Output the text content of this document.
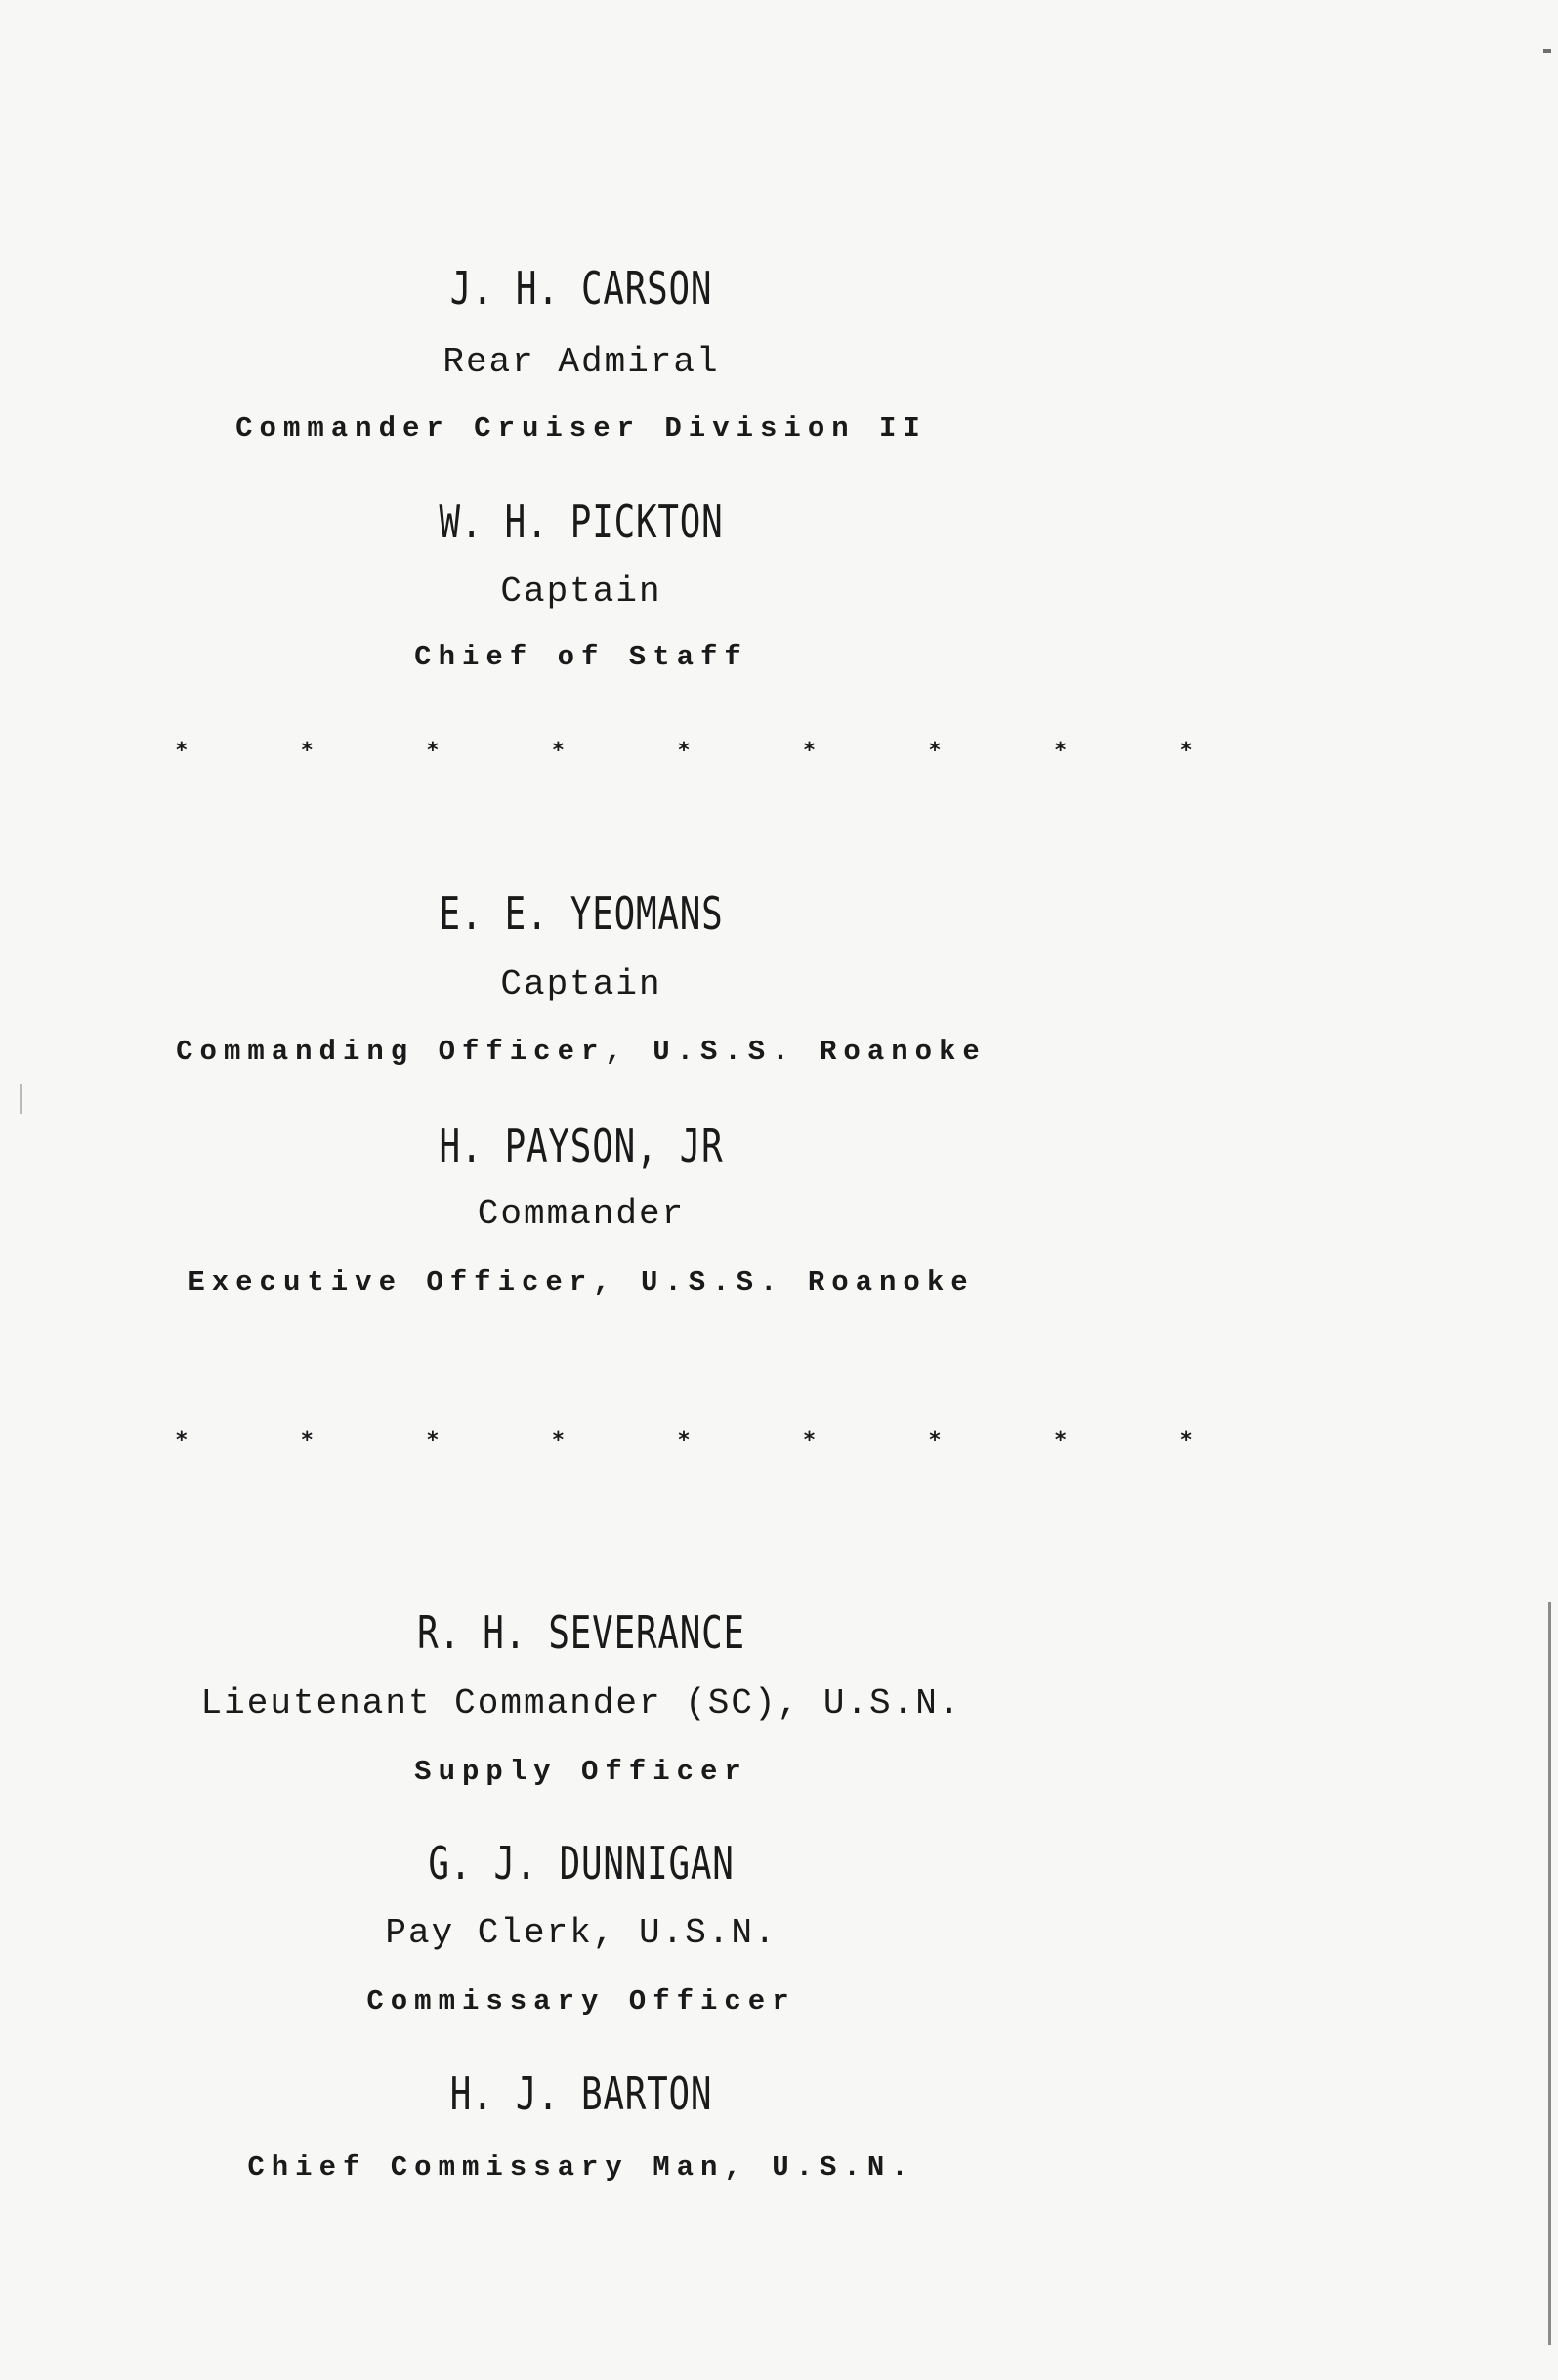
J. H. CARSON
Rear Admiral
Commander Cruiser Division II
W. H. PICKTON
Captain
Chief of Staff
*	*	*	*	*	*	*	*	*
E. E. YEOMANS
Captain
Commanding Officer, U.S.S. Roanoke
H. PAYSON, JR
Commander
Executive Officer, U.S.S. Roanoke
*	*	*	*	*	*	*	*	*
R. H. SEVERANCE
Lieutenant Commander (SC), U.S.N.
Supply Officer
G. J. DUNNIGAN
Pay Clerk, U.S.N.
Commissary Officer
H. J. BARTON
Chief Commissary Man, U.S.N.
